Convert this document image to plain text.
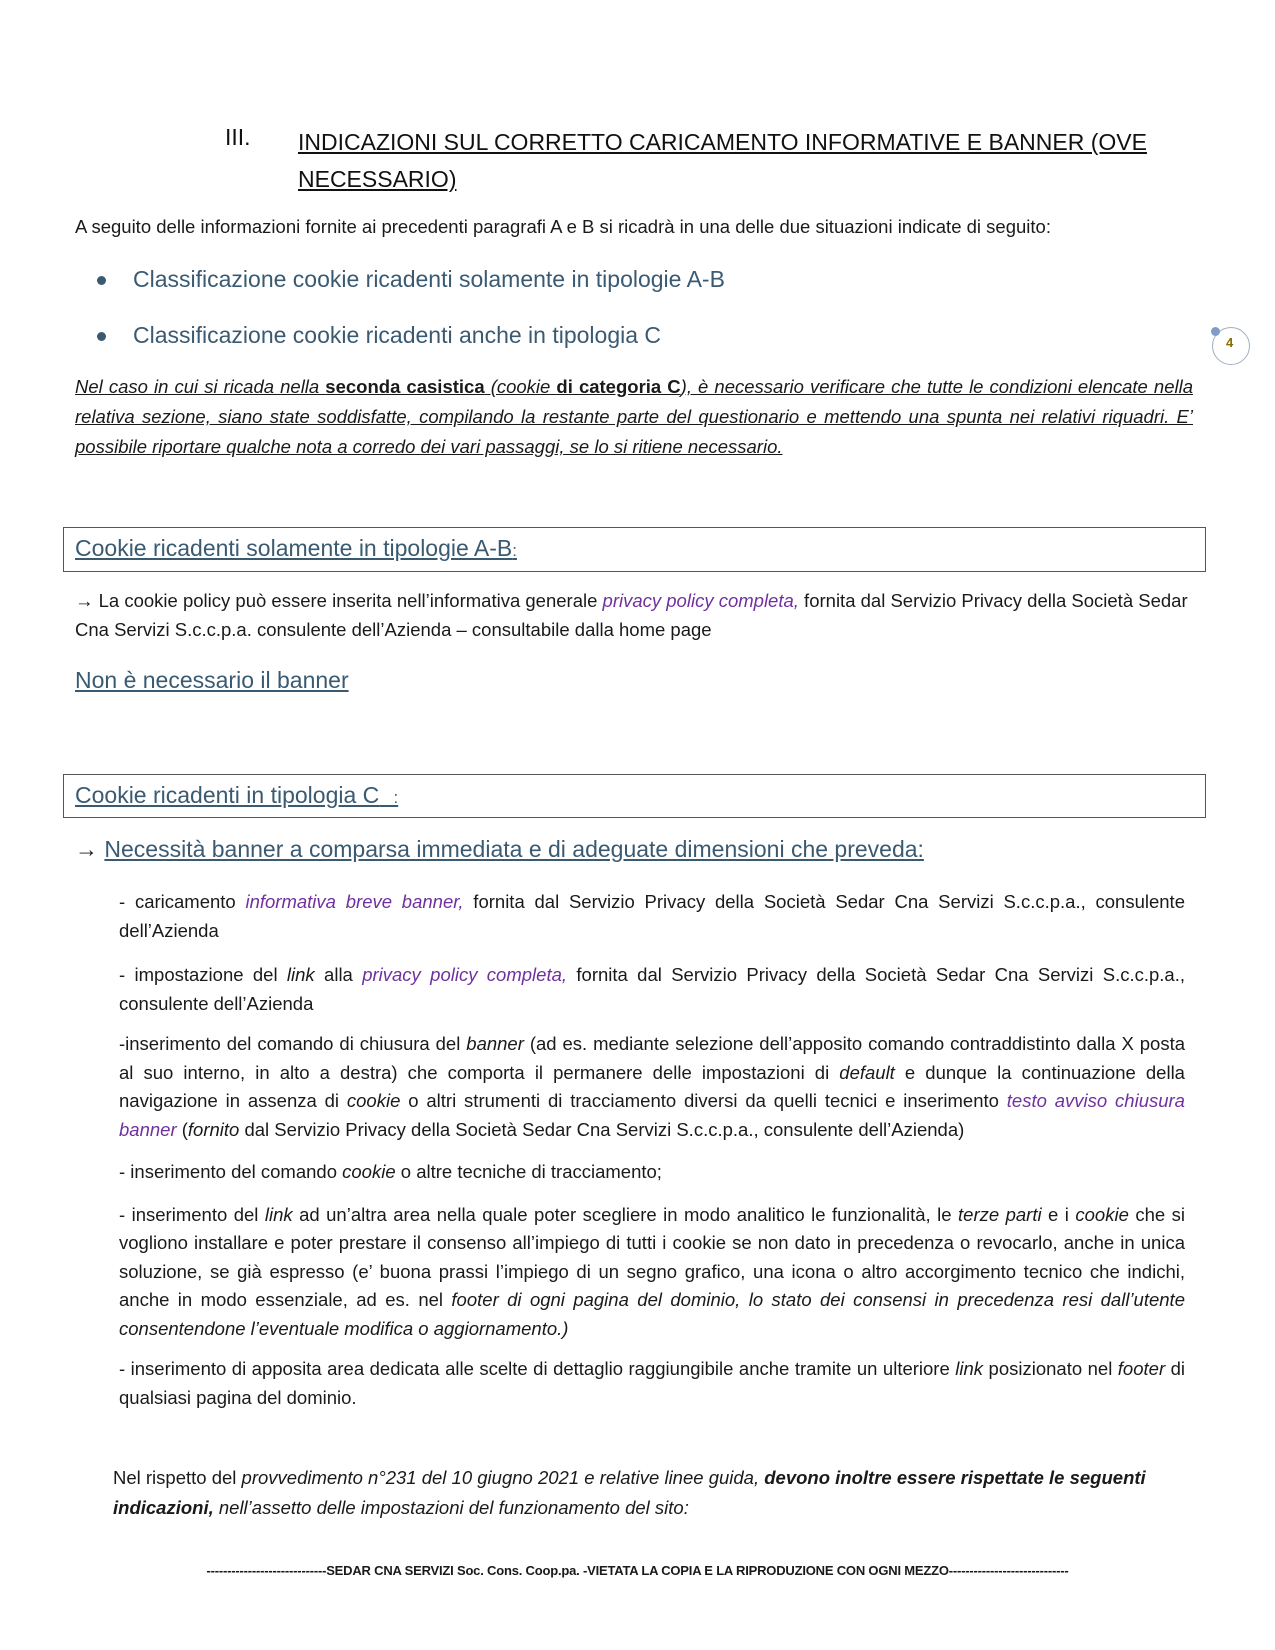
III. INDICAZIONI SUL CORRETTO CARICAMENTO INFORMATIVE E BANNER (OVE
NECESSARIO)
A seguito delle informazioni fornite ai precedenti paragrafi A e B si ricadrà in una delle due situazioni indicate di seguito:
Classificazione cookie ricadenti solamente in tipologie A-B
Classificazione cookie ricadenti anche in tipologia C	4
Nel caso in cui si ricada nella seconda casistica (cookie di categoria C), è necessario verificare che tutte le condizioni elencate nella relativa sezione, siano state soddisfatte, compilando la restante parte del questionario e mettendo una spunta nei relativi riquadri. E’ possibile riportare qualche nota a corredo dei vari passaggi, se lo si ritiene necessario.
Cookie ricadenti solamente in tipologie A-B:
→ La cookie policy può essere inserita nell’informativa generale privacy policy completa, fornita dal Servizio Privacy della Società Sedar Cna Servizi S.c.c.p.a. consulente dell’Azienda – consultabile dalla home page
Non è necessario il banner
Cookie ricadenti in tipologia C   :
→ Necessità banner a comparsa immediata e di adeguate dimensioni che preveda:
- caricamento informativa breve banner, fornita dal Servizio Privacy della Società Sedar Cna Servizi S.c.c.p.a., consulente dell’Azienda
- impostazione del link alla privacy policy completa, fornita dal Servizio Privacy della Società Sedar Cna Servizi S.c.c.p.a., consulente dell’Azienda
-inserimento del comando di chiusura del banner (ad es. mediante selezione dell’apposito comando contraddistinto dalla X posta al suo interno, in alto a destra) che comporta il permanere delle impostazioni di default e dunque la continuazione della navigazione in assenza di cookie o altri strumenti di tracciamento diversi da quelli tecnici e inserimento testo avviso chiusura banner (fornito dal Servizio Privacy della Società Sedar Cna Servizi S.c.c.p.a., consulente dell’Azienda)
- inserimento del comando cookie o altre tecniche di tracciamento;
- inserimento del link ad un’altra area nella quale poter scegliere in modo analitico le funzionalità, le terze parti e i cookie che si vogliono installare e poter prestare il consenso all’impiego di tutti i cookie se non dato in precedenza o revocarlo, anche in unica soluzione, se già espresso (e’ buona prassi l’impiego di un segno grafico, una icona o altro accorgimento tecnico che indichi, anche in modo essenziale, ad es. nel footer di ogni pagina del dominio, lo stato dei consensi in precedenza resi dall’utente consentendone l’eventuale modifica o aggiornamento.)
- inserimento di apposita area dedicata alle scelte di dettaglio raggiungibile anche tramite un ulteriore link posizionato nel footer di qualsiasi pagina del dominio.
Nel rispetto del provvedimento n°231 del 10 giugno 2021 e relative linee guida, devono inoltre essere rispettate le seguenti indicazioni, nell’assetto delle impostazioni del funzionamento del sito:
-----------------------------SEDAR CNA SERVIZI Soc. Cons. Coop.pa. -VIETATA LA COPIA E LA RIPRODUZIONE CON OGNI MEZZO-----------------------------
